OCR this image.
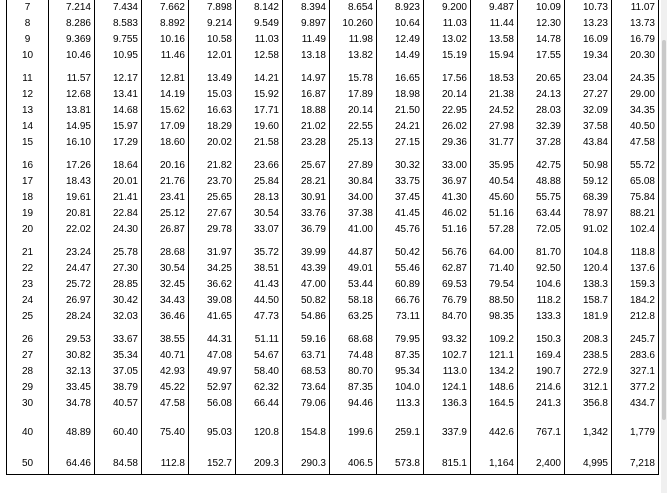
7	7.214	7.434	7.662	7.898	8.142	8.394	8.654	8.923	9.200	9.487	10.09	10.73	11.07
8	8.286	8.583	8.892	9.214	9.549	9.897	10.260	10.64	11.03	11.44	12.30	13.23	13.73
9	9.369	9.755	10.16	10.58	11.03	11.49	11.98	12.49	13.02	13.58	14.78	16.09	16.79
10	10.46	10.95	11.46	12.01	12.58	13.18	13.82	14.49	15.19	15.94	17.55	19.34	20.30

11	11.57	12.17	12.81	13.49	14.21	14.97	15.78	16.65	17.56	18.53	20.65	23.04	24.35
12	12.68	13.41	14.19	15.03	15.92	16.87	17.89	18.98	20.14	21.38	24.13	27.27	29.00
13	13.81	14.68	15.62	16.63	17.71	18.88	20.14	21.50	22.95	24.52	28.03	32.09	34.35
14	14.95	15.97	17.09	18.29	19.60	21.02	22.55	24.21	26.02	27.98	32.39	37.58	40.50
15	16.10	17.29	18.60	20.02	21.58	23.28	25.13	27.15	29.36	31.77	37.28	43.84	47.58

16	17.26	18.64	20.16	21.82	23.66	25.67	27.89	30.32	33.00	35.95	42.75	50.98	55.72
17	18.43	20.01	21.76	23.70	25.84	28.21	30.84	33.75	36.97	40.54	48.88	59.12	65.08
18	19.61	21.41	23.41	25.65	28.13	30.91	34.00	37.45	41.30	45.60	55.75	68.39	75.84
19	20.81	22.84	25.12	27.67	30.54	33.76	37.38	41.45	46.02	51.16	63.44	78.97	88.21
20	22.02	24.30	26.87	29.78	33.07	36.79	41.00	45.76	51.16	57.28	72.05	91.02	102.4

21	23.24	25.78	28.68	31.97	35.72	39.99	44.87	50.42	56.76	64.00	81.70	104.8	118.8
22	24.47	27.30	30.54	34.25	38.51	43.39	49.01	55.46	62.87	71.40	92.50	120.4	137.6
23	25.72	28.85	32.45	36.62	41.43	47.00	53.44	60.89	69.53	79.54	104.6	138.3	159.3
24	26.97	30.42	34.43	39.08	44.50	50.82	58.18	66.76	76.79	88.50	118.2	158.7	184.2
25	28.24	32.03	36.46	41.65	47.73	54.86	63.25	73.11	84.70	98.35	133.3	181.9	212.8

26	29.53	33.67	38.55	44.31	51.11	59.16	68.68	79.95	93.32	109.2	150.3	208.3	245.7
27	30.82	35.34	40.71	47.08	54.67	63.71	74.48	87.35	102.7	121.1	169.4	238.5	283.6
28	32.13	37.05	42.93	49.97	58.40	68.53	80.70	95.34	113.0	134.2	190.7	272.9	327.1
29	33.45	38.79	45.22	52.97	62.32	73.64	87.35	104.0	124.1	148.6	214.6	312.1	377.2
30	34.78	40.57	47.58	56.08	66.44	79.06	94.46	113.3	136.3	164.5	241.3	356.8	434.7

40	48.89	60.40	75.40	95.03	120.8	154.8	199.6	259.1	337.9	442.6	767.1	1,342	1,779

50	64.46	84.58	112.8	152.7	209.3	290.3	406.5	573.8	815.1	1,164	2,400	4,995	7,218
